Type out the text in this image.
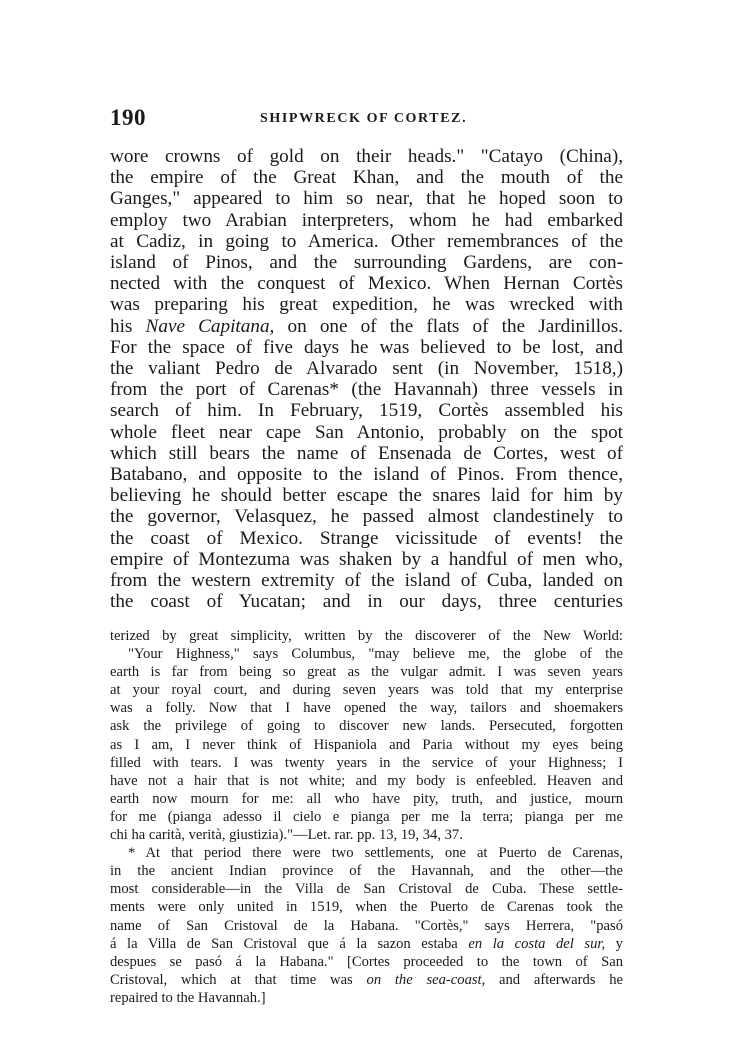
190	SHIPWRECK OF CORTEZ.
wore crowns of gold on their heads." "Catayo (China),
the empire of the Great Khan, and the mouth of the
Ganges," appeared to him so near, that he hoped soon to
employ two Arabian interpreters, whom he had embarked
at Cadiz, in going to America. Other remembrances of the
island of Pinos, and the surrounding Gardens, are con-
nected with the conquest of Mexico. When Hernan Cortès
was preparing his great expedition, he was wrecked with
his Nave Capitana, on one of the flats of the Jardinillos.
For the space of five days he was believed to be lost, and
the valiant Pedro de Alvarado sent (in November, 1518,)
from the port of Carenas* (the Havannah) three vessels in
search of him. In February, 1519, Cortès assembled his
whole fleet near cape San Antonio, probably on the spot
which still bears the name of Ensenada de Cortes, west of
Batabano, and opposite to the island of Pinos. From thence,
believing he should better escape the snares laid for him by
the governor, Velasquez, he passed almost clandestinely to
the coast of Mexico. Strange vicissitude of events! the
empire of Montezuma was shaken by a handful of men who,
from the western extremity of the island of Cuba, landed on
the coast of Yucatan; and in our days, three centuries
terized by great simplicity, written by the discoverer of the New World:
"Your Highness," says Columbus, "may believe me, the globe of the
earth is far from being so great as the vulgar admit. I was seven years
at your royal court, and during seven years was told that my enterprise
was a folly. Now that I have opened the way, tailors and shoemakers
ask the privilege of going to discover new lands. Persecuted, forgotten
as I am, I never think of Hispaniola and Paria without my eyes being
filled with tears. I was twenty years in the service of your Highness; I
have not a hair that is not white; and my body is enfeebled. Heaven and
earth now mourn for me: all who have pity, truth, and justice, mourn
for me (pianga adesso il cielo e pianga per me la terra; pianga per me
chi ha carità, verità, giustizia)."—Let. rar. pp. 13, 19, 34, 37.
* At that period there were two settlements, one at Puerto de Carenas,
in the ancient Indian province of the Havannah, and the other—the
most considerable—in the Villa de San Cristoval de Cuba. These settle-
ments were only united in 1519, when the Puerto de Carenas took the
name of San Cristoval de la Habana. "Cortès," says Herrera, "pasó
á la Villa de San Cristoval que á la sazon estaba en la costa del sur, y
despues se pasó á la Habana." [Cortes proceeded to the town of San
Cristoval, which at that time was on the sea-coast, and afterwards he
repaired to the Havannah.]
